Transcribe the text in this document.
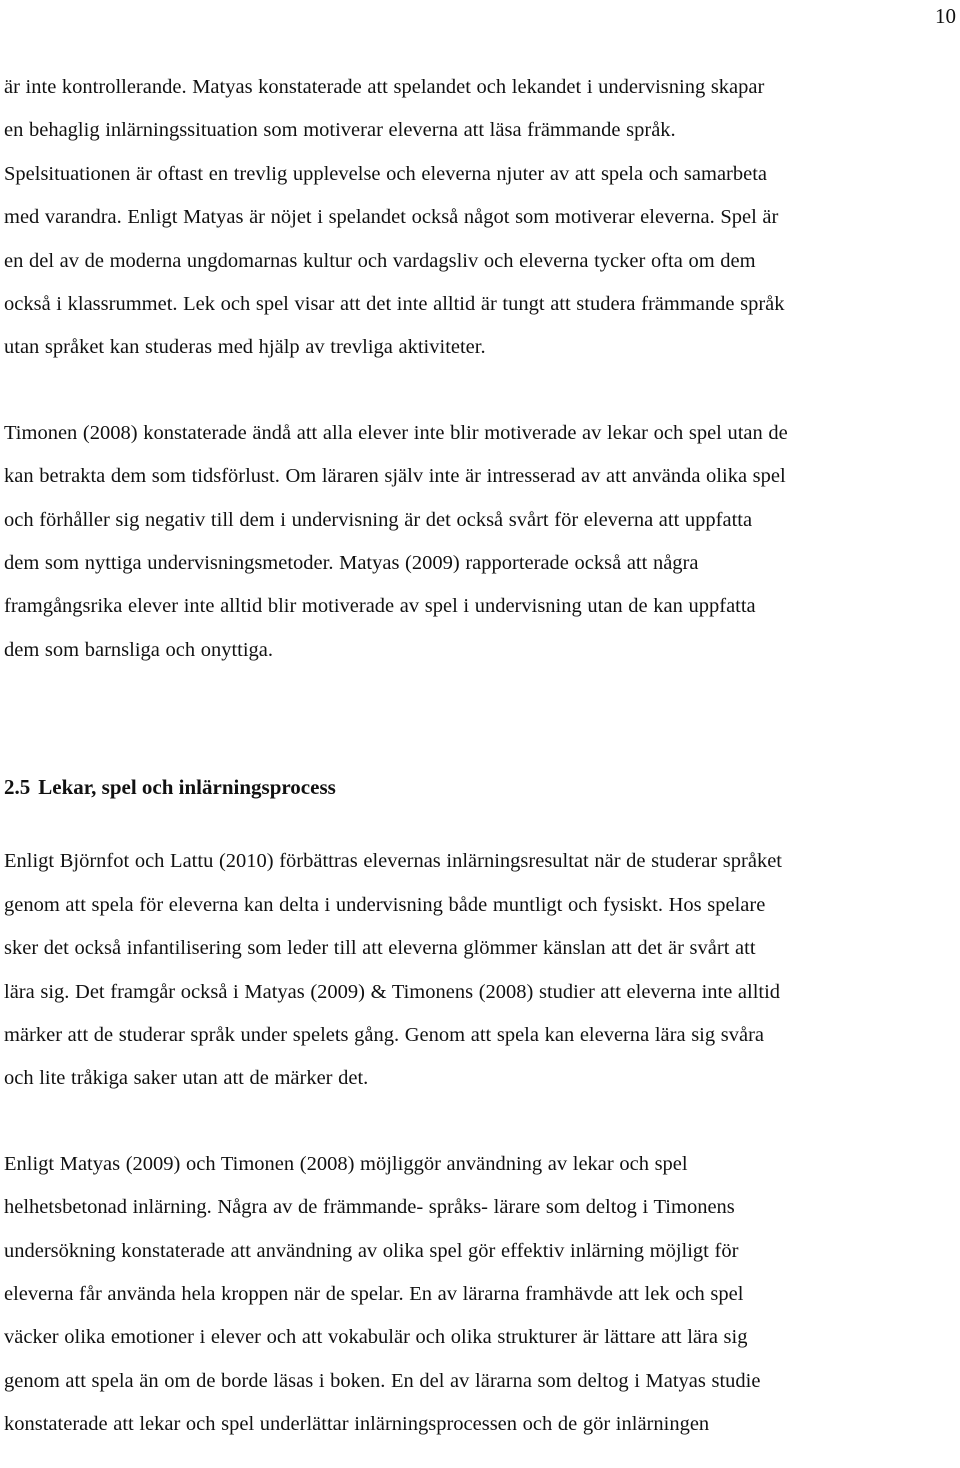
10

är inte kontrollerande. Matyas konstaterade att spelandet och lekandet i undervisning skapar
en behaglig inlärningssituation som motiverar eleverna att läsa främmande språk.
Spelsituationen är oftast en trevlig upplevelse och eleverna njuter av att spela och samarbeta
med varandra. Enligt Matyas är nöjet i spelandet också något som motiverar eleverna. Spel är
en del av de moderna ungdomarnas kultur och vardagsliv och eleverna tycker ofta om dem
också i klassrummet. Lek och spel visar att det inte alltid är tungt att studera främmande språk
utan språket kan studeras med hjälp av trevliga aktiviteter.

Timonen (2008) konstaterade ändå att alla elever inte blir motiverade av lekar och spel utan de
kan betrakta dem som tidsförlust. Om läraren själv inte är intresserad av att använda olika spel
och förhåller sig negativ till dem i undervisning är det också svårt för eleverna att uppfatta
dem som nyttiga undervisningsmetoder. Matyas (2009) rapporterade också att några
framgångsrika elever inte alltid blir motiverade av spel i undervisning utan de kan uppfatta
dem som barnsliga och onyttiga.

2.5 Lekar, spel och inlärningsprocess

Enligt Björnfot och Lattu (2010) förbättras elevernas inlärningsresultat när de studerar språket
genom att spela för eleverna kan delta i undervisning både muntligt och fysiskt. Hos spelare
sker det också infantilisering som leder till att eleverna glömmer känslan att det är svårt att
lära sig. Det framgår också i Matyas (2009) & Timonens (2008) studier att eleverna inte alltid
märker att de studerar språk under spelets gång. Genom att spela kan eleverna lära sig svåra
och lite tråkiga saker utan att de märker det.

Enligt Matyas (2009) och Timonen (2008) möjliggör användning av lekar och spel
helhetsbetonad inlärning. Några av de främmande- språks- lärare som deltog i Timonens
undersökning konstaterade att användning av olika spel gör effektiv inlärning möjligt för
eleverna får använda hela kroppen när de spelar. En av lärarna framhävde att lek och spel
väcker olika emotioner i elever och att vokabulär och olika strukturer är lättare att lära sig
genom att spela än om de borde läsas i boken. En del av lärarna som deltog i Matyas studie
konstaterade att lekar och spel underlättar inlärningsprocessen och de gör inlärningen
